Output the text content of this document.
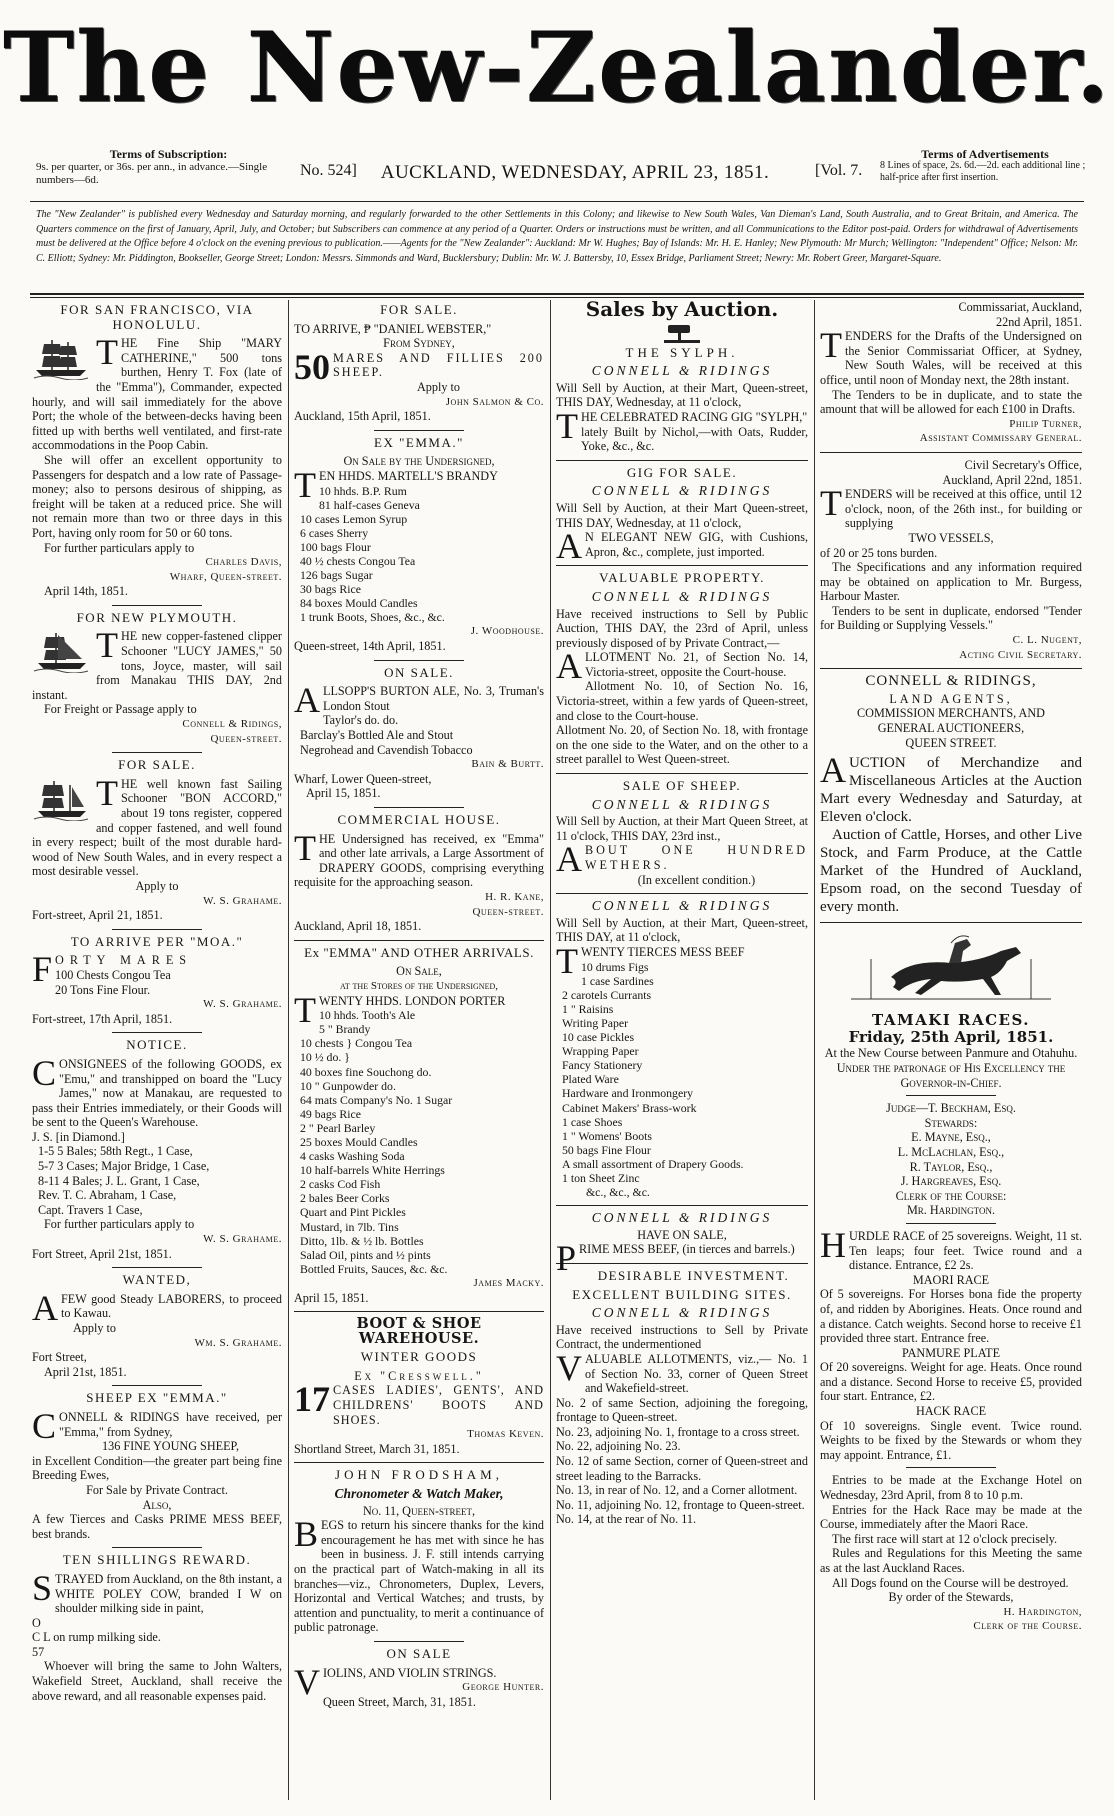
The New-Zealander.
Terms of Subscription:
9s. per quarter, or 36s. per ann., in advance.—Single numbers—6d.
No. 524]	AUCKLAND, WEDNESDAY, APRIL 23, 1851.	[Vol. 7.
Terms of Advertisements
8 Lines of space, 2s. 6d.—2d. each additional line ; half-price after first insertion.
The "New Zealander" is published every Wednesday and Saturday morning, and regularly forwarded to the other Settlements in this Colony; and likewise to New South Wales, Van Dieman's Land, South Australia, and to Great Britain, and America. The Quarters commence on the first of January, April, July, and October; but Subscribers can commence at any period of a Quarter. Orders or instructions must be written, and all Communications to the Editor post-paid. Orders for withdrawal of Advertisements must be delivered at the Office before 4 o'clock on the evening previous to publication.——Agents for the "New Zealander": Auckland: Mr W. Hughes; Bay of Islands: Mr. H. E. Hanley; New Plymouth: Mr Murch; Wellington: "Independent" Office; Nelson: Mr. C. Elliott; Sydney: Mr. Piddington, Bookseller, George Street; London: Messrs. Simmonds and Ward, Bucklersbury; Dublin: Mr. W. J. Battersby, 10, Essex Bridge, Parliament Street; Newry: Mr. Robert Greer, Margaret-Square.
FOR SAN FRANCISCO, VIA HONOLULU.

THE Fine Ship "MARY CATHERINE," 500 tons burthen, Henry T. Fox (late of the "Emma"), Commander, expected hourly, and will sail immediately for the above Port; the whole of the between-decks having been fitted up with berths well ventilated, and first-rate accommodations in the Poop Cabin.

She will offer an excellent opportunity to Passengers for despatch and a low rate of Passage-money; also to persons desirous of shipping, as freight will be taken at a reduced price. She will not remain more than two or three days in this Port, having only room for 50 or 60 tons.

For further particulars apply to

Charles Davis,
Wharf, Queen-street.

April 14th, 1851.

FOR NEW PLYMOUTH.

THE new copper-fastened clipper Schooner "LUCY JAMES," 50 tons, Joyce, master, will sail from Manakau THIS DAY, 2nd instant.

For Freight or Passage apply to

Connell & Ridings,
Queen-street.
FOR SALE.

THE well known fast Sailing Schooner "BON ACCORD," about 19 tons register, coppered and copper fastened, and well found in every respect; built of the most durable hard-wood of New South Wales, and in every respect a most desirable vessel.

Apply to

W. S. Grahame.

Fort-street, April 21, 1851.

TO ARRIVE PER "MOA."

FORTY MARES

100 Chests Congou Tea
20 Tons Fine Flour.
W. S. Grahame.

Fort-street, 17th April, 1851.

NOTICE.

CONSIGNEES of the following GOODS, ex "Emu," and transhipped on board the "Lucy James," now at Manakau, are requested to pass their Entries immediately, or their Goods will be sent to the Queen's Warehouse.

J. S. [in Diamond.]
1-5 5 Bales; 58th Regt., 1 Case,
5-7 3 Cases; Major Bridge, 1 Case,
8-11 4 Bales; J. L. Grant, 1 Case,
Rev. T. C. Abraham, 1 Case,
Capt. Travers 1 Case,

For further particulars apply to

W. S. Grahame.

Fort Street, April 21st, 1851.

WANTED,

AFEW good Steady LABORERS, to proceed to Kawau.

Apply to

Wm. S. Grahame.

Fort Street,

April 21st, 1851.

SHEEP EX "EMMA."

CONNELL & RIDINGS have received, per "Emma," from Sydney,

136 FINE YOUNG SHEEP,

in Excellent Condition—the greater part being fine Breeding Ewes,

For Sale by Private Contract.

Also,

A few Tierces and Casks PRIME MESS BEEF, best brands.

TEN SHILLINGS REWARD.

STRAYED from Auckland, on the 8th instant, a WHITE POLEY COW, branded I W on shoulder milking side in paint,

O
C L on rump milking side.
57

Whoever will bring the same to John Walters, Wakefield Street, Auckland, shall receive the above reward, and all reasonable expenses paid.

FOR SALE.

TO ARRIVE, ₱ "DANIEL WEBSTER,"

From Sydney,

50 MARES AND FILLIES 200 SHEEP.

Apply to

John Salmon & Co.

Auckland, 15th April, 1851.

EX "EMMA."

On Sale by the Undersigned,

TEN HHDS. MARTELL'S BRANDY

10 hhds. B.P. Rum
81 half-cases Geneva
10 cases Lemon Syrup
6 cases Sherry
100 bags Flour
40 ½ chests Congou Tea
126 bags Sugar
30 bags Rice
84 boxes Mould Candles
1 trunk Boots, Shoes, &c., &c.
J. Woodhouse.

Queen-street, 14th April, 1851.

ON SALE.

ALLSOPP'S BURTON ALE, No. 3, Truman's London Stout

Taylor's do. do.
Barclay's Bottled Ale and Stout
Negrohead and Cavendish Tobacco
Bain & Burtt.

Wharf, Lower Queen-street,

April 15, 1851.

COMMERCIAL HOUSE.

THE Undersigned has received, ex "Emma" and other late arrivals, a Large Assortment of DRAPERY GOODS, comprising everything requisite for the approaching season.

H. R. Kane,
Queen-street.

Auckland, April 18, 1851.

Ex "EMMA" AND OTHER ARRIVALS.

On Sale,

at the Stores of the Undersigned,

TWENTY HHDS. LONDON PORTER

10 hhds. Tooth's Ale
5 " Brandy
10 chests } Congou Tea
10 ½ do. }
40 boxes fine Souchong do.
10 " Gunpowder do.
64 mats Company's No. 1 Sugar
49 bags Rice
2 " Pearl Barley
25 boxes Mould Candles
4 casks Washing Soda
10 half-barrels White Herrings
2 casks Cod Fish
2 bales Beer Corks
Quart and Pint Pickles
Mustard, in 7lb. Tins
Ditto, 1lb. & ½ lb. Bottles
Salad Oil, pints and ½ pints
Bottled Fruits, Sauces, &c. &c.
James Macky.

April 15, 1851.

BOOT & SHOE WAREHOUSE.
WINTER GOODS

Ex "Cresswell."

17 CASES LADIES', GENTS', AND CHILDRENS' BOOTS AND SHOES.

Thomas Keven.

Shortland Street, March 31, 1851.

JOHN FRODSHAM,
Chronometer & Watch Maker,

No. 11, Queen-street,

BEGS to return his sincere thanks for the kind encouragement he has met with since he has been in business. J. F. still intends carrying on the practical part of Watch-making in all its branches—viz., Chronometers, Duplex, Levers, Horizontal and Vertical Watches; and trusts, by attention and punctuality, to merit a continuance of public patronage.

ON SALE

VIOLINS, AND VIOLIN STRINGS.

George Hunter.

Queen Street, March, 31, 1851.

Sales by Auction.
THE SYLPH.
CONNELL & RIDINGS

Will Sell by Auction, at their Mart, Queen-street, THIS DAY, Wednesday, at 11 o'clock,

THE CELEBRATED RACING GIG "SYLPH,"

lately Built by Nichol,—with Oats, Rudder, Yoke, &c., &c.

GIG FOR SALE.
CONNELL & RIDINGS

Will Sell by Auction, at their Mart Queen-street, THIS DAY, Wednesday, at 11 o'clock,

A N ELEGANT NEW GIG, with Cushions, Apron, &c., complete, just imported.

VALUABLE PROPERTY.
CONNELL & RIDINGS

Have received instructions to Sell by Public Auction, THIS DAY, the 23rd of April, unless previously disposed of by Private Contract,—

ALLOTMENT No. 21, of Section No. 14, Victoria-street, opposite the Court-house.

Allotment No. 10, of Section No. 16, Victoria-street, within a few yards of Queen-street, and close to the Court-house.

Allotment No. 20, of Section No. 18, with frontage on the one side to the Water, and on the other to a street parallel to West Queen-street.

SALE OF SHEEP.
CONNELL & RIDINGS

Will Sell by Auction, at their Mart Queen Street, at 11 o'clock, THIS DAY, 23rd inst.,

ABOUT ONE HUNDRED WETHERS.

(In excellent condition.)

CONNELL & RIDINGS

Will Sell by Auction, at their Mart, Queen-street, THIS DAY, at 11 o'clock,

TWENTY TIERCES MESS BEEF

10 drums Figs
1 case Sardines
2 carotels Currants
1 " Raisins
Writing Paper
10 case Pickles
Wrapping Paper
Fancy Stationery
Plated Ware
Hardware and Ironmongery
Cabinet Makers' Brass-work
1 case Shoes
1 " Womens' Boots
50 bags Fine Flour
A small assortment of Drapery Goods.
1 ton Sheet Zinc
&c., &c., &c.
CONNELL & RIDINGS

HAVE ON SALE,

PRIME MESS BEEF, (in tierces and barrels.)

DESIRABLE INVESTMENT.
EXCELLENT BUILDING SITES.
CONNELL & RIDINGS

Have received instructions to Sell by Private Contract, the undermentioned

VALUABLE ALLOTMENTS, viz.,— No. 1 of Section No. 33, corner of Queen Street and Wakefield-street.

No. 2 of same Section, adjoining the foregoing, frontage to Queen-street.

No. 23, adjoining No. 1, frontage to a cross street.

No. 22, adjoining No. 23.

No. 12 of same Section, corner of Queen-street and street leading to the Barracks.

No. 13, in rear of No. 12, and a Corner allotment.

No. 11, adjoining No. 12, frontage to Queen-street.

No. 14, at the rear of No. 11.

Commissariat, Auckland,

22nd April, 1851.

TENDERS for the Drafts of the Undersigned on the Senior Commissariat Officer, at Sydney, New South Wales, will be received at this office, until noon of Monday next, the 28th instant.

The Tenders to be in duplicate, and to state the amount that will be allowed for each £100 in Drafts.

Philip Turner,
Assistant Commissary General.

Civil Secretary's Office,

Auckland, April 22nd, 1851.

TENDERS will be received at this office, until 12 o'clock, noon, of the 26th inst., for building or supplying

TWO VESSELS,

of 20 or 25 tons burden.

The Specifications and any information required may be obtained on application to Mr. Burgess, Harbour Master.

Tenders to be sent in duplicate, endorsed "Tender for Building or Supplying Vessels."

C. L. Nugent,
Acting Civil Secretary.
CONNELL & RIDINGS,

LAND AGENTS,

COMMISSION MERCHANTS, AND

GENERAL AUCTIONEERS,

QUEEN STREET.

AUCTION of Merchandize and Miscellaneous Articles at the Auction Mart every Wednesday and Saturday, at Eleven o'clock.

Auction of Cattle, Horses, and other Live Stock, and Farm Produce, at the Cattle Market of the Hundred of Auckland, Epsom road, on the second Tuesday of every month.

TAMAKI RACES.
Friday, 25th April, 1851.

At the New Course between Panmure and Otahuhu.

Under the patronage of His Excellency the Governor-in-Chief.

Judge—T. Beckham, Esq.

Stewards:

E. Mayne, Esq.,

L. McLachlan, Esq.,

R. Taylor, Esq.,

J. Hargreaves, Esq.

Clerk of the Course:

Mr. Hardington.

HURDLE RACE of 25 sovereigns. Weight, 11 st. Ten leaps; four feet. Twice round and a distance. Entrance, £2 2s.

MAORI RACE

Of 5 sovereigns. For Horses bona fide the property of, and ridden by Aborigines. Heats. Once round and a distance. Catch weights. Second horse to receive £1 provided three start. Entrance free.

PANMURE PLATE

Of 20 sovereigns. Weight for age. Heats. Once round and a distance. Second Horse to receive £5, provided four start. Entrance, £2.

HACK RACE

Of 10 sovereigns. Single event. Twice round. Weights to be fixed by the Stewards or whom they may appoint. Entrance, £1.

Entries to be made at the Exchange Hotel on Wednesday, 23rd April, from 8 to 10 p.m.

Entries for the Hack Race may be made at the Course, immediately after the Maori Race.

The first race will start at 12 o'clock precisely.

Rules and Regulations for this Meeting the same as at the last Auckland Races.

All Dogs found on the Course will be destroyed.

By order of the Stewards,

H. Hardington,
Clerk of the Course.
